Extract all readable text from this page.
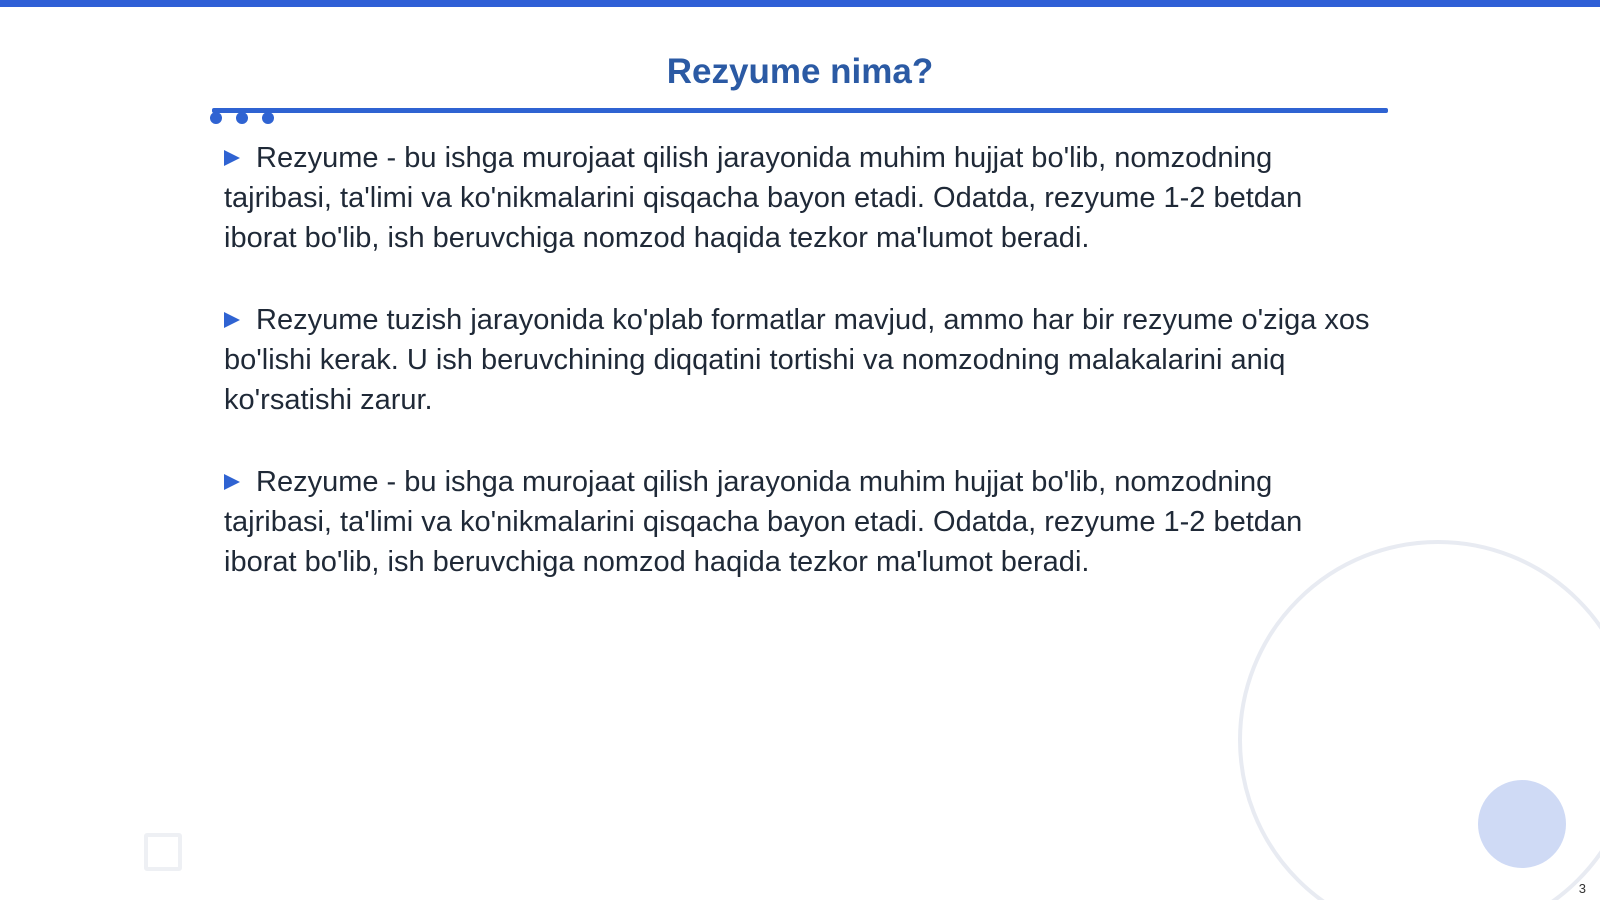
Rezyume nima?

Rezyume - bu ishga murojaat qilish jarayonida muhim hujjat bo'lib, nomzodning tajribasi, ta'limi va ko'nikmalarini qisqacha bayon etadi. Odatda, rezyume 1-2 betdan iborat bo'lib, ish beruvchiga nomzod haqida tezkor ma'lumot beradi.

Rezyume tuzish jarayonida ko'plab formatlar mavjud, ammo har bir rezyume o'ziga xos bo'lishi kerak. U ish beruvchining diqqatini tortishi va nomzodning malakalarini aniq ko'rsatishi zarur.

Rezyume - bu ishga murojaat qilish jarayonida muhim hujjat bo'lib, nomzodning tajribasi, ta'limi va ko'nikmalarini qisqacha bayon etadi. Odatda, rezyume 1-2 betdan iborat bo'lib, ish beruvchiga nomzod haqida tezkor ma'lumot beradi.

3
